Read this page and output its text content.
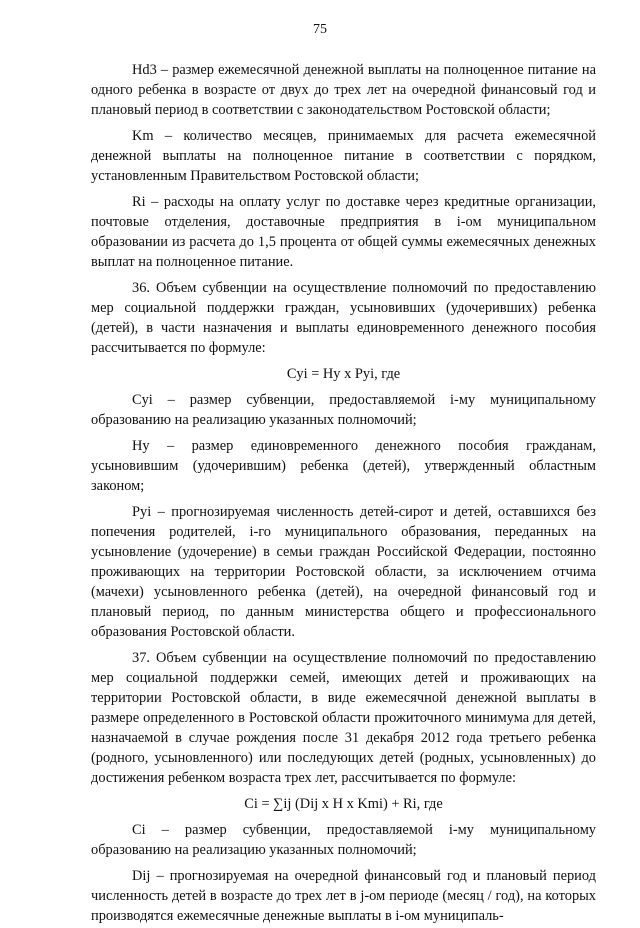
75

Hd3 – размер ежемесячной денежной выплаты на полноценное питание на одного ребенка в возрасте от двух до трех лет на очередной финансовый год и плановый период в соответствии с законодательством Ростовской области;

Km – количество месяцев, принимаемых для расчета ежемесячной денежной выплаты на полноценное питание в соответствии с порядком, установленным Правительством Ростовской области;

Ri – расходы на оплату услуг по доставке через кредитные организации, почтовые отделения, доставочные предприятия в i-ом муниципальном образовании из расчета до 1,5 процента от общей суммы ежемесячных денежных выплат на полноценное питание.

36. Объем субвенции на осуществление полномочий по предоставлению мер социальной поддержки граждан, усыновивших (удочеривших) ребенка (детей), в части назначения и выплаты единовременного денежного пособия рассчитывается по формуле:

Cyi = Hy x Pyi, где

Cyi – размер субвенции, предоставляемой i-му муниципальному образованию на реализацию указанных полномочий;

Hy – размер единовременного денежного пособия гражданам, усыновившим (удочерившим) ребенка (детей), утвержденный областным законом;

Pyi – прогнозируемая численность детей-сирот и детей, оставшихся без попечения родителей, i-го муниципального образования, переданных на усыновление (удочерение) в семьи граждан Российской Федерации, постоянно проживающих на территории Ростовской области, за исключением отчима (мачехи) усыновленного ребенка (детей), на очередной финансовый год и плановый период, по данным министерства общего и профессионального образования Ростовской области.

37. Объем субвенции на осуществление полномочий по предоставлению мер социальной поддержки семей, имеющих детей и проживающих на территории Ростовской области, в виде ежемесячной денежной выплаты в размере определенного в Ростовской области прожиточного минимума для детей, назначаемой в случае рождения после 31 декабря 2012 года третьего ребенка (родного, усыновленного) или последующих детей (родных, усыновленных) до достижения ребенком возраста трех лет, рассчитывается по формуле:

Ci = ∑ij (Dij x H x Kmi) + Ri, где

Ci – размер субвенции, предоставляемой i-му муниципальному образованию на реализацию указанных полномочий;

Dij – прогнозируемая на очередной финансовый год и плановый период численность детей в возрасте до трех лет в j-ом периоде (месяц / год), на которых производятся ежемесячные денежные выплаты в i-ом муниципаль-
